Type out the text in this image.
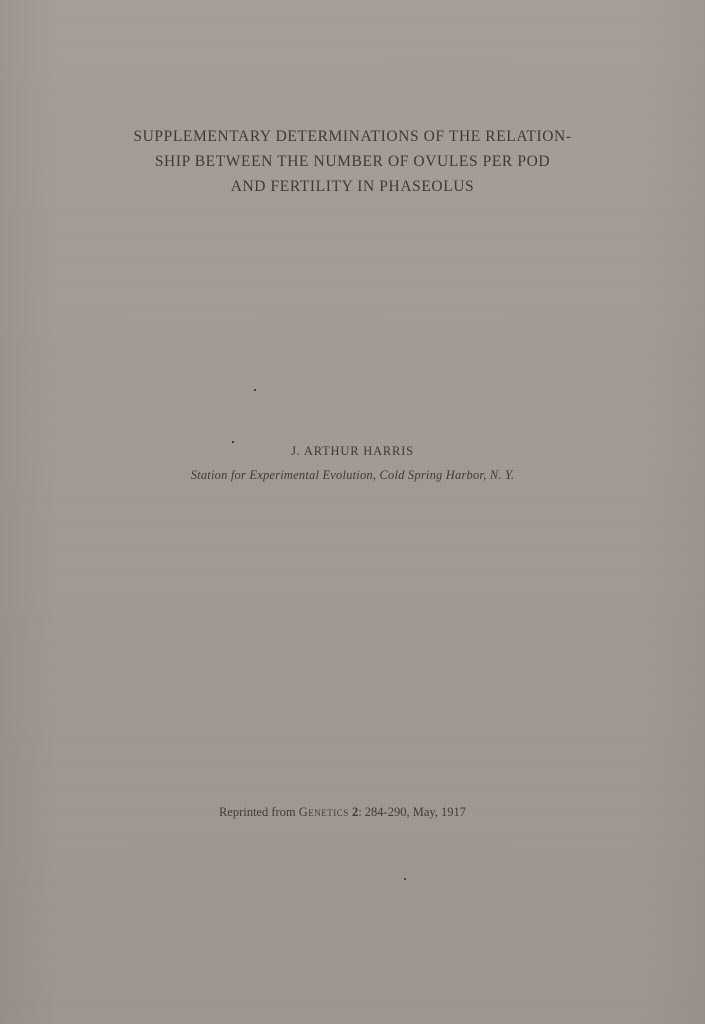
SUPPLEMENTARY DETERMINATIONS OF THE RELATION-
SHIP BETWEEN THE NUMBER OF OVULES PER POD
AND FERTILITY IN PHASEOLUS
J. ARTHUR HARRIS
Station for Experimental Evolution, Cold Spring Harbor, N. Y.
Reprinted from Genetics 2: 284-290, May, 1917
